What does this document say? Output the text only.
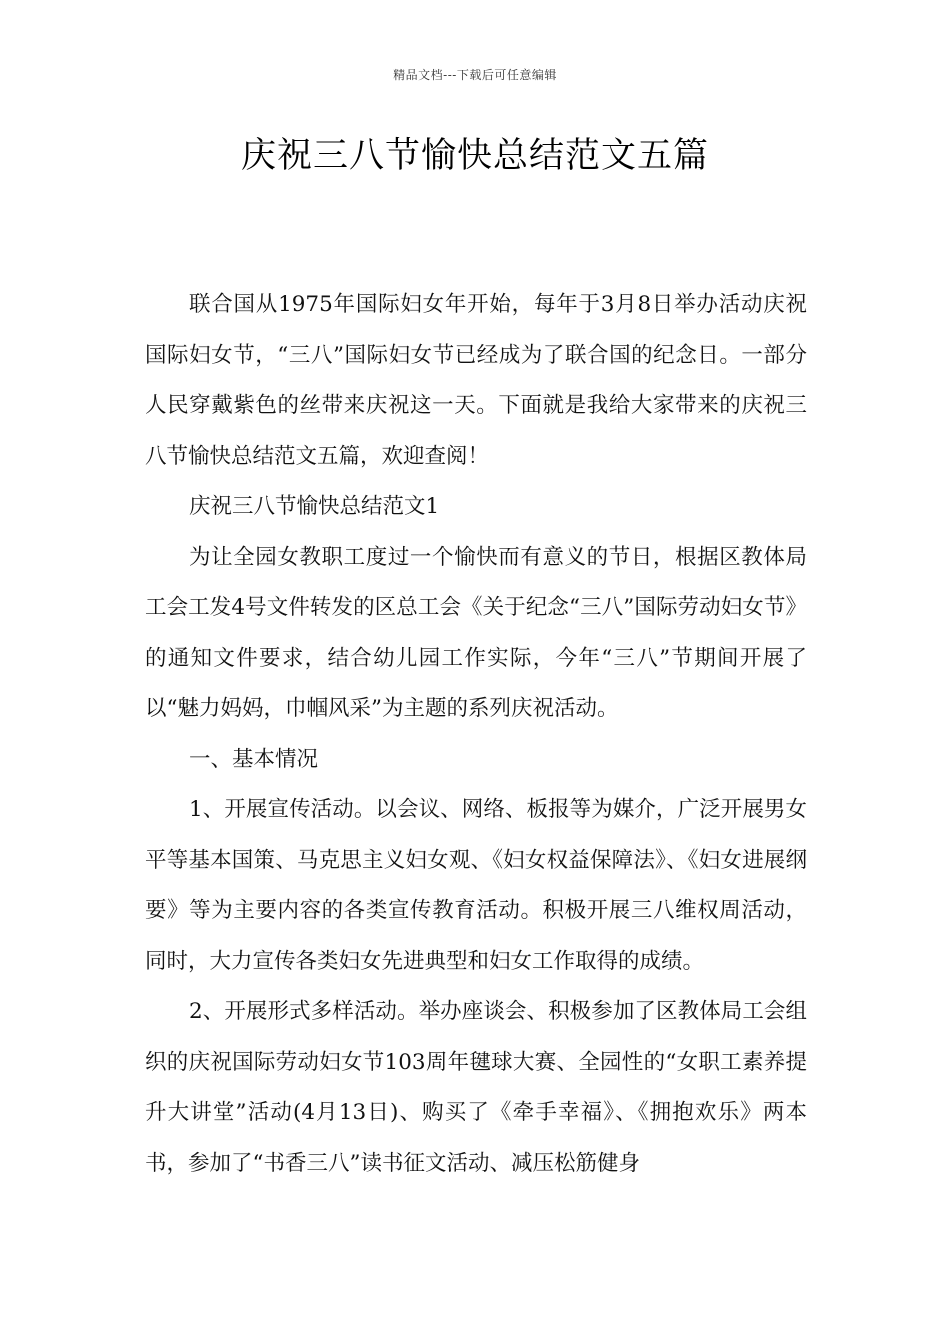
精品文档---下载后可任意编辑
庆祝三八节愉快总结范文五篇

联合国从1975年国际妇女年开始，每年于3月8日举办活动庆祝国际妇女节，“三八”国际妇女节已经成为了联合国的纪念日。一部分人民穿戴紫色的丝带来庆祝这一天。下面就是我给大家带来的庆祝三八节愉快总结范文五篇，欢迎查阅！

庆祝三八节愉快总结范文1

为让全园女教职工度过一个愉快而有意义的节日，根据区教体局工会工发4号文件转发的区总工会《关于纪念“三八”国际劳动妇女节》的通知文件要求，结合幼儿园工作实际，今年“三八”节期间开展了以“魅力妈妈，巾帼风采”为主题的系列庆祝活动。

一、基本情况

1、开展宣传活动。以会议、网络、板报等为媒介，广泛开展男女平等基本国策、马克思主义妇女观、《妇女权益保障法》、《妇女进展纲要》等为主要内容的各类宣传教育活动。积极开展三八维权周活动，同时，大力宣传各类妇女先进典型和妇女工作取得的成绩。

2、开展形式多样活动。举办座谈会、积极参加了区教体局工会组织的庆祝国际劳动妇女节103周年毽球大赛、全园性的“女职工素养提升大讲堂”活动(4月13日)、购买了《牵手幸福》、《拥抱欢乐》两本书，参加了“书香三八”读书征文活动、减压松筋健身
